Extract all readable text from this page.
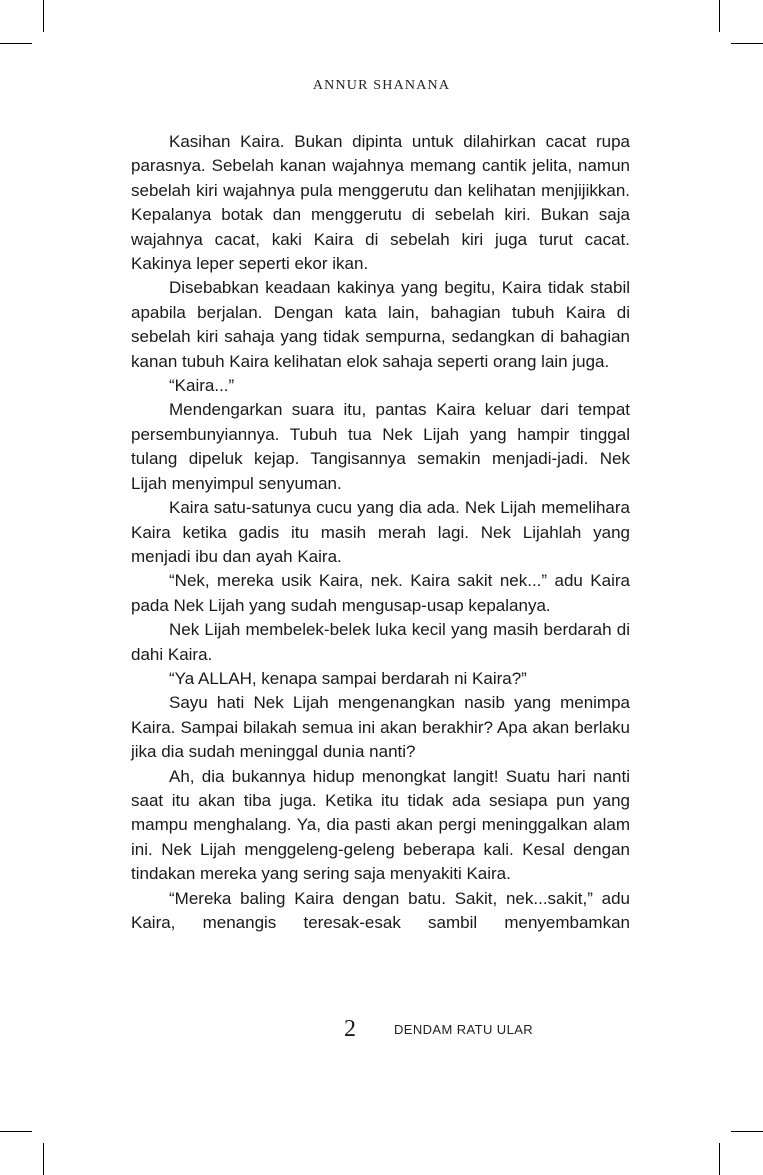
ANNUR SHANANA

Kasihan Kaira. Bukan dipinta untuk dilahirkan cacat rupa parasnya. Sebelah kanan wajahnya memang cantik jelita, namun sebelah kiri wajahnya pula menggerutu dan kelihatan menjijikkan. Kepalanya botak dan menggerutu di sebelah kiri. Bukan saja wajahnya cacat, kaki Kaira di sebelah kiri juga turut cacat. Kakinya leper seperti ekor ikan.

Disebabkan keadaan kakinya yang begitu, Kaira tidak stabil apabila berjalan. Dengan kata lain, bahagian tubuh Kaira di sebelah kiri sahaja yang tidak sempurna, sedangkan di bahagian kanan tubuh Kaira kelihatan elok sahaja seperti orang lain juga.

“Kaira...”

Mendengarkan suara itu, pantas Kaira keluar dari tempat persembunyiannya. Tubuh tua Nek Lijah yang hampir tinggal tulang dipeluk kejap. Tangisannya semakin menjadi-jadi. Nek Lijah menyimpul senyuman.

Kaira satu-satunya cucu yang dia ada. Nek Lijah memelihara Kaira ketika gadis itu masih merah lagi. Nek Lijahlah yang menjadi ibu dan ayah Kaira.

“Nek, mereka usik Kaira, nek. Kaira sakit nek...” adu Kaira pada Nek Lijah yang sudah mengusap-usap kepalanya.

Nek Lijah membelek-belek luka kecil yang masih berdarah di dahi Kaira.

“Ya ALLAH, kenapa sampai berdarah ni Kaira?”

Sayu hati Nek Lijah mengenangkan nasib yang menimpa Kaira. Sampai bilakah semua ini akan berakhir? Apa akan berlaku jika dia sudah meninggal dunia nanti?

Ah, dia bukannya hidup menongkat langit! Suatu hari nanti saat itu akan tiba juga. Ketika itu tidak ada sesiapa pun yang mampu menghalang. Ya, dia pasti akan pergi meninggalkan alam ini. Nek Lijah menggeleng-geleng beberapa kali. Kesal dengan tindakan mereka yang sering saja menyakiti Kaira.

“Mereka baling Kaira dengan batu. Sakit, nek...sakit,” adu Kaira, menangis teresak-esak sambil menyembamkan

2	DENDAM RATU ULAR
